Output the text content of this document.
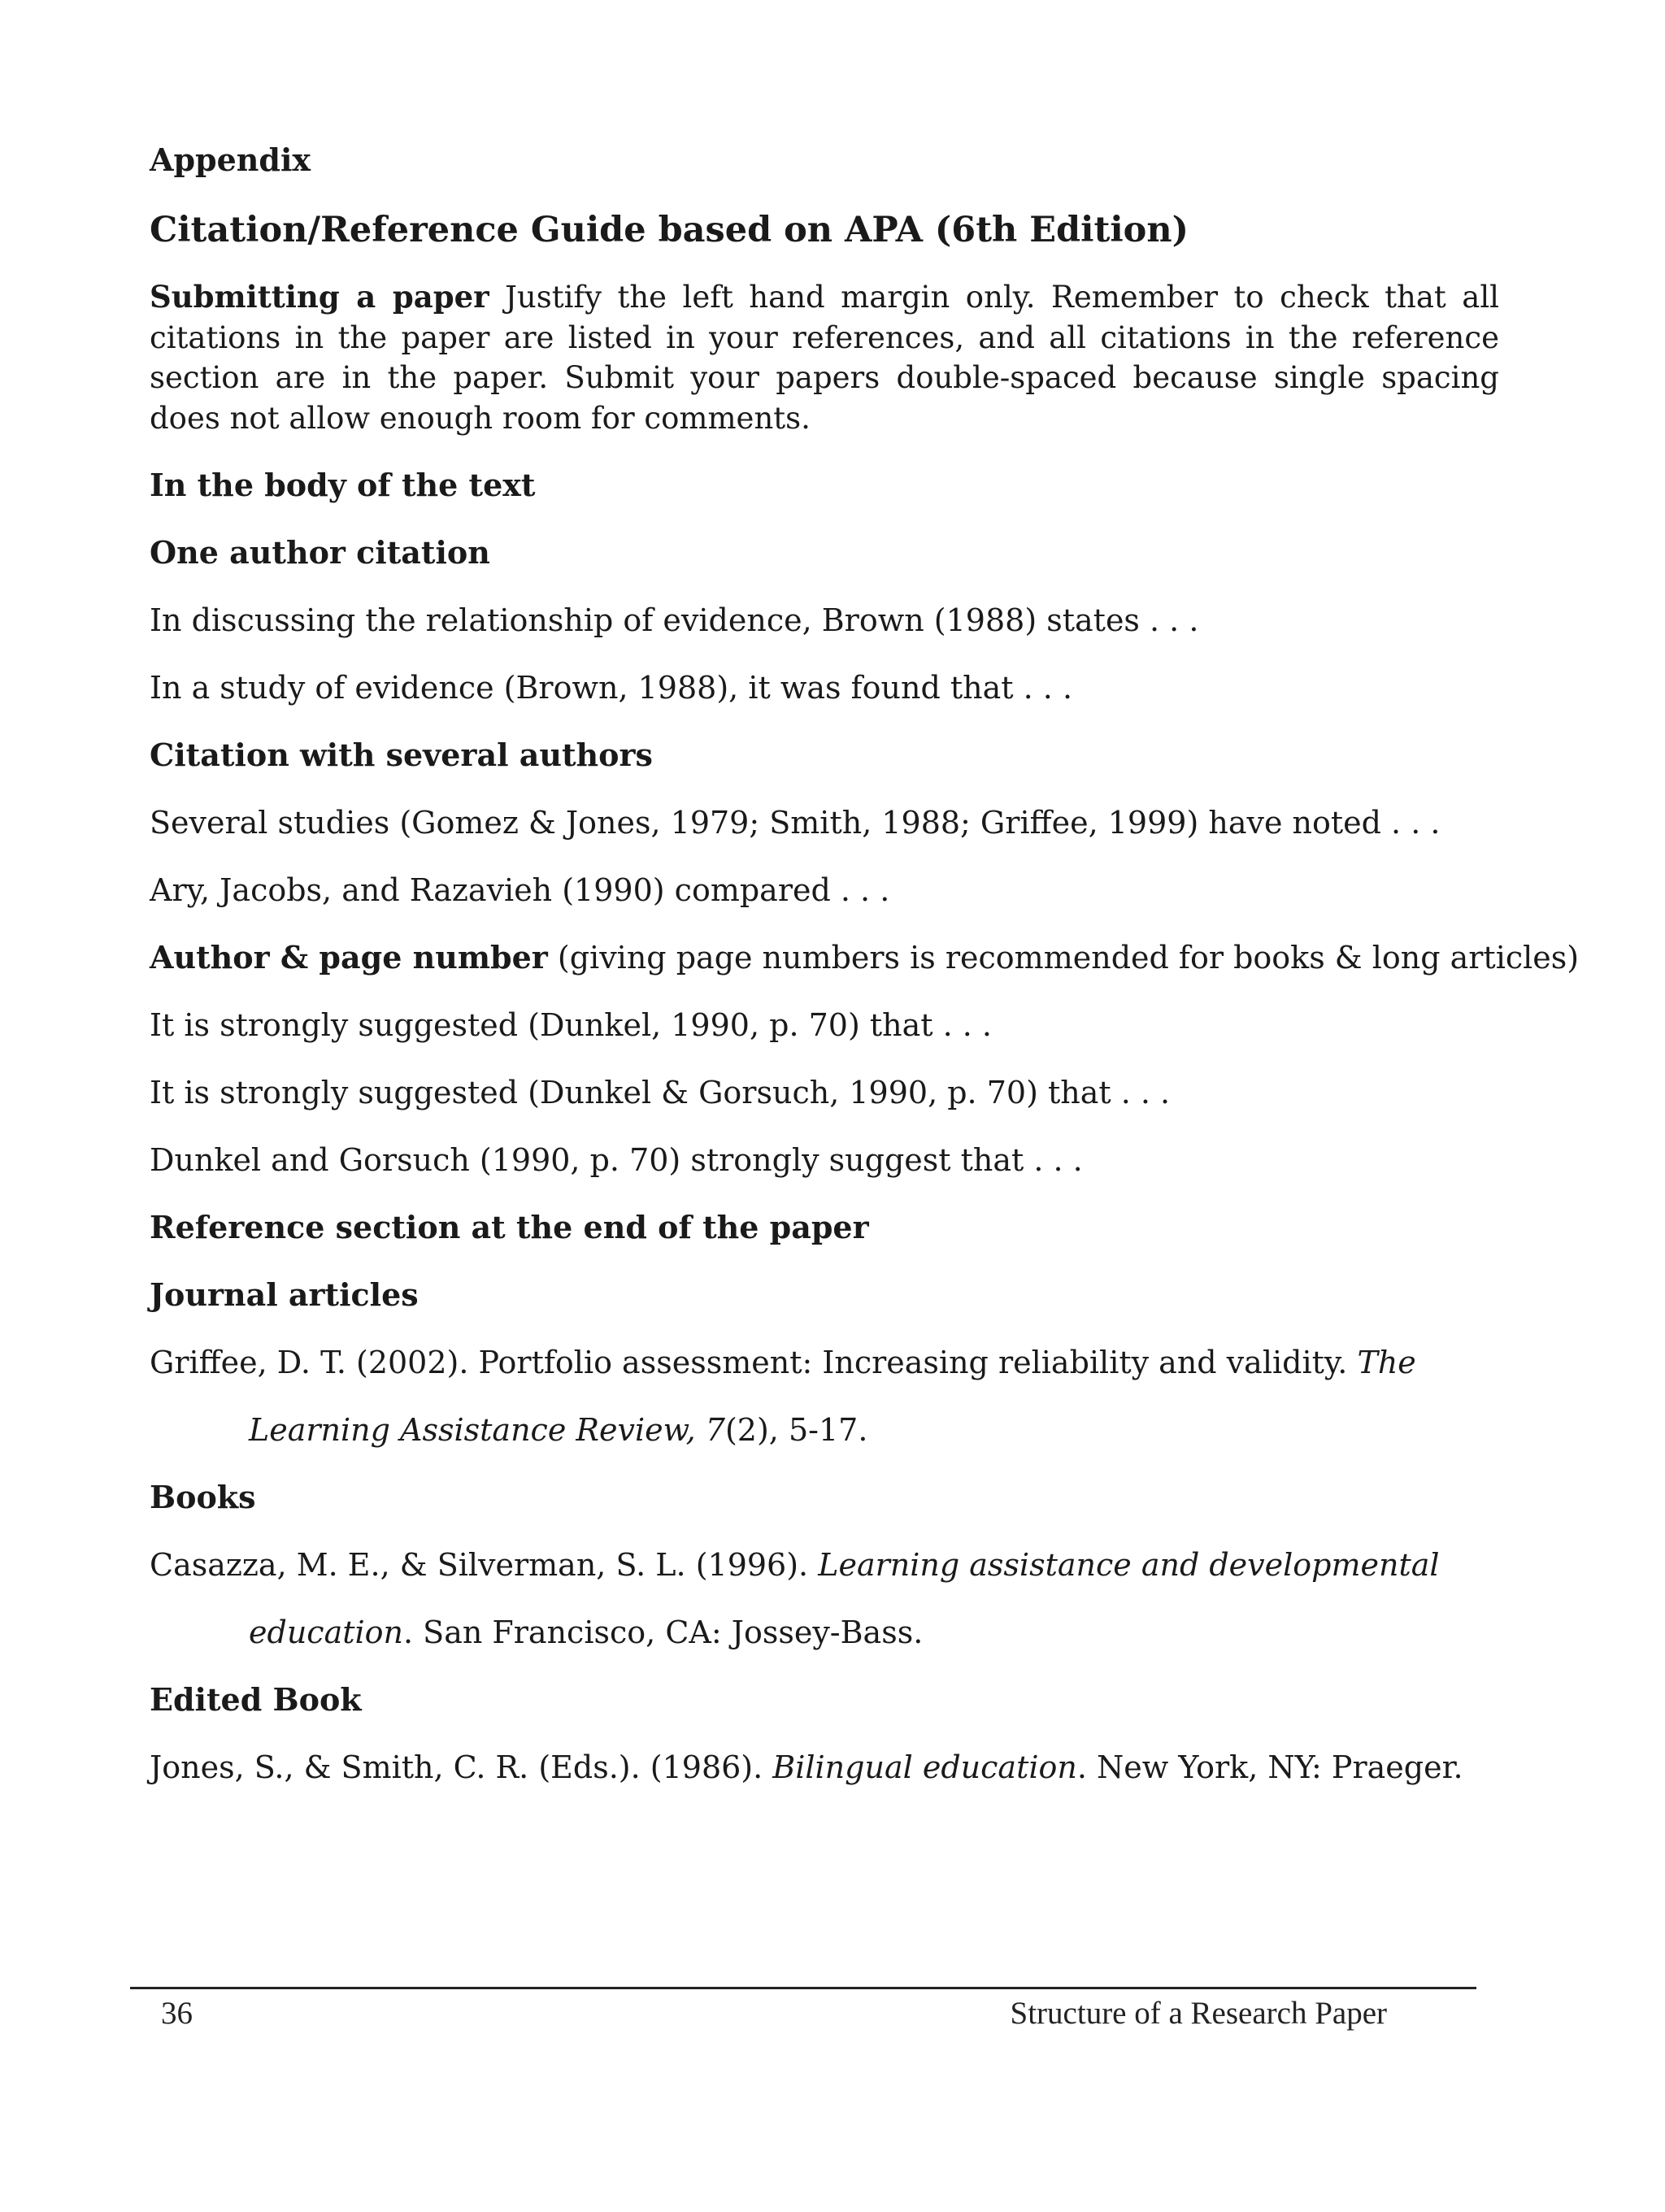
Appendix
Citation/Reference Guide based on APA (6th Edition)

Submitting a paper Justify the left hand margin only. Remember to check that all citations in the paper are listed in your references, and all citations in the reference section are in the paper. Submit your papers double-spaced because single spacing does not allow enough room for comments.

In the body of the text
One author citation
In discussing the relationship of evidence, Brown (1988) states . . .
In a study of evidence (Brown, 1988), it was found that . . .
Citation with several authors
Several studies (Gomez & Jones, 1979; Smith, 1988; Griffee, 1999) have noted . . .
Ary, Jacobs, and Razavieh (1990) compared . . .
Author & page number (giving page numbers is recommended for books & long articles)
It is strongly suggested (Dunkel, 1990, p. 70) that . . .
It is strongly suggested (Dunkel & Gorsuch, 1990, p. 70) that . . .
Dunkel and Gorsuch (1990, p. 70) strongly suggest that . . .
Reference section at the end of the paper
Journal articles
Griffee, D. T. (2002). Portfolio assessment: Increasing reliability and validity. The
Learning Assistance Review, 7(2), 5-17.
Books
Casazza, M. E., & Silverman, S. L. (1996). Learning assistance and developmental
education. San Francisco, CA: Jossey-Bass.
Edited Book
Jones, S., & Smith, C. R. (Eds.). (1986). Bilingual education. New York, NY: Praeger.
36	Structure of a Research Paper
